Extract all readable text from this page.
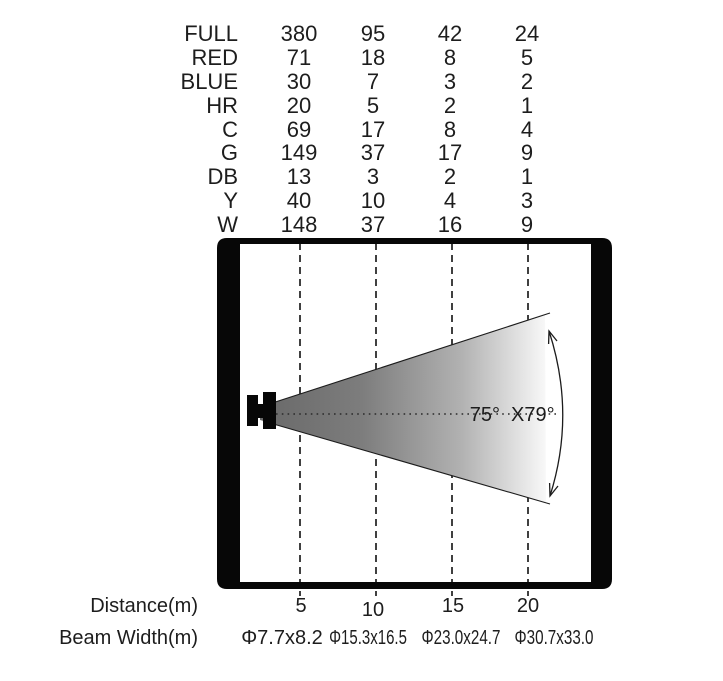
FULL	380	95	42	24
RED	71	18	8	5
BLUE	30	7	3	2
HR	20	5	2	1
C	69	17	8	4
G	149	37	17	9
DB	13	3	2	1
Y	40	10	4	3
W	148	37	16	9
75° X79°
Distance(m)	5	10	15	20
Beam Width(m)	Φ7.7x8.2 Φ15.3x16.5 Φ23.0x24.7 Φ30.7x33.0
